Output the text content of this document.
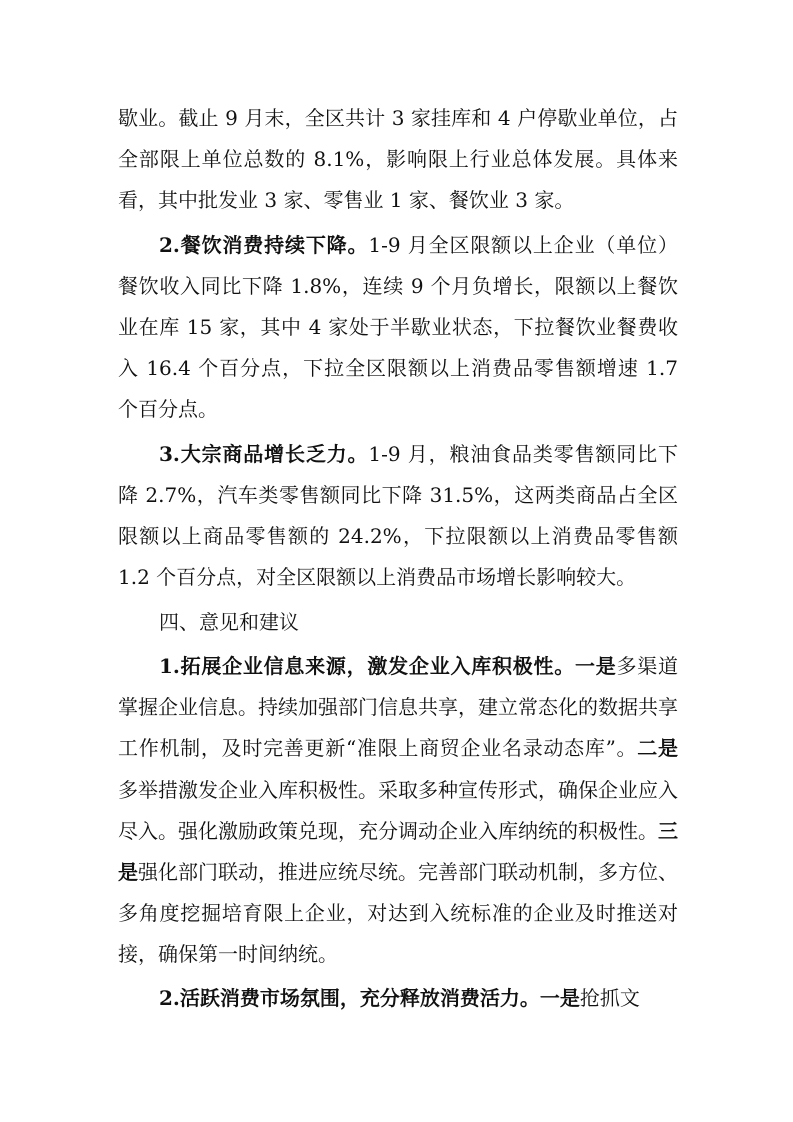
歇业。截止 9 月末，全区共计 3 家挂库和 4 户停歇业单位，占全部限上单位总数的 8.1%，影响限上行业总体发展。具体来看，其中批发业 3 家、零售业 1 家、餐饮业 3 家。

2.餐饮消费持续下降。1-9 月全区限额以上企业（单位）餐饮收入同比下降 1.8%，连续 9 个月负增长，限额以上餐饮业在库 15 家，其中 4 家处于半歇业状态，下拉餐饮业餐费收入 16.4 个百分点，下拉全区限额以上消费品零售额增速 1.7 个百分点。

3.大宗商品增长乏力。1-9 月，粮油食品类零售额同比下降 2.7%，汽车类零售额同比下降 31.5%，这两类商品占全区限额以上商品零售额的 24.2%，下拉限额以上消费品零售额 1.2 个百分点，对全区限额以上消费品市场增长影响较大。

四、意见和建议

1.拓展企业信息来源，激发企业入库积极性。一是多渠道掌握企业信息。持续加强部门信息共享，建立常态化的数据共享工作机制，及时完善更新“准限上商贸企业名录动态库”。二是多举措激发企业入库积极性。采取多种宣传形式，确保企业应入尽入。强化激励政策兑现，充分调动企业入库纳统的积极性。三是强化部门联动，推进应统尽统。完善部门联动机制，多方位、多角度挖掘培育限上企业，对达到入统标准的企业及时推送对接，确保第一时间纳统。

2.活跃消费市场氛围，充分释放消费活力。一是抢抓文
